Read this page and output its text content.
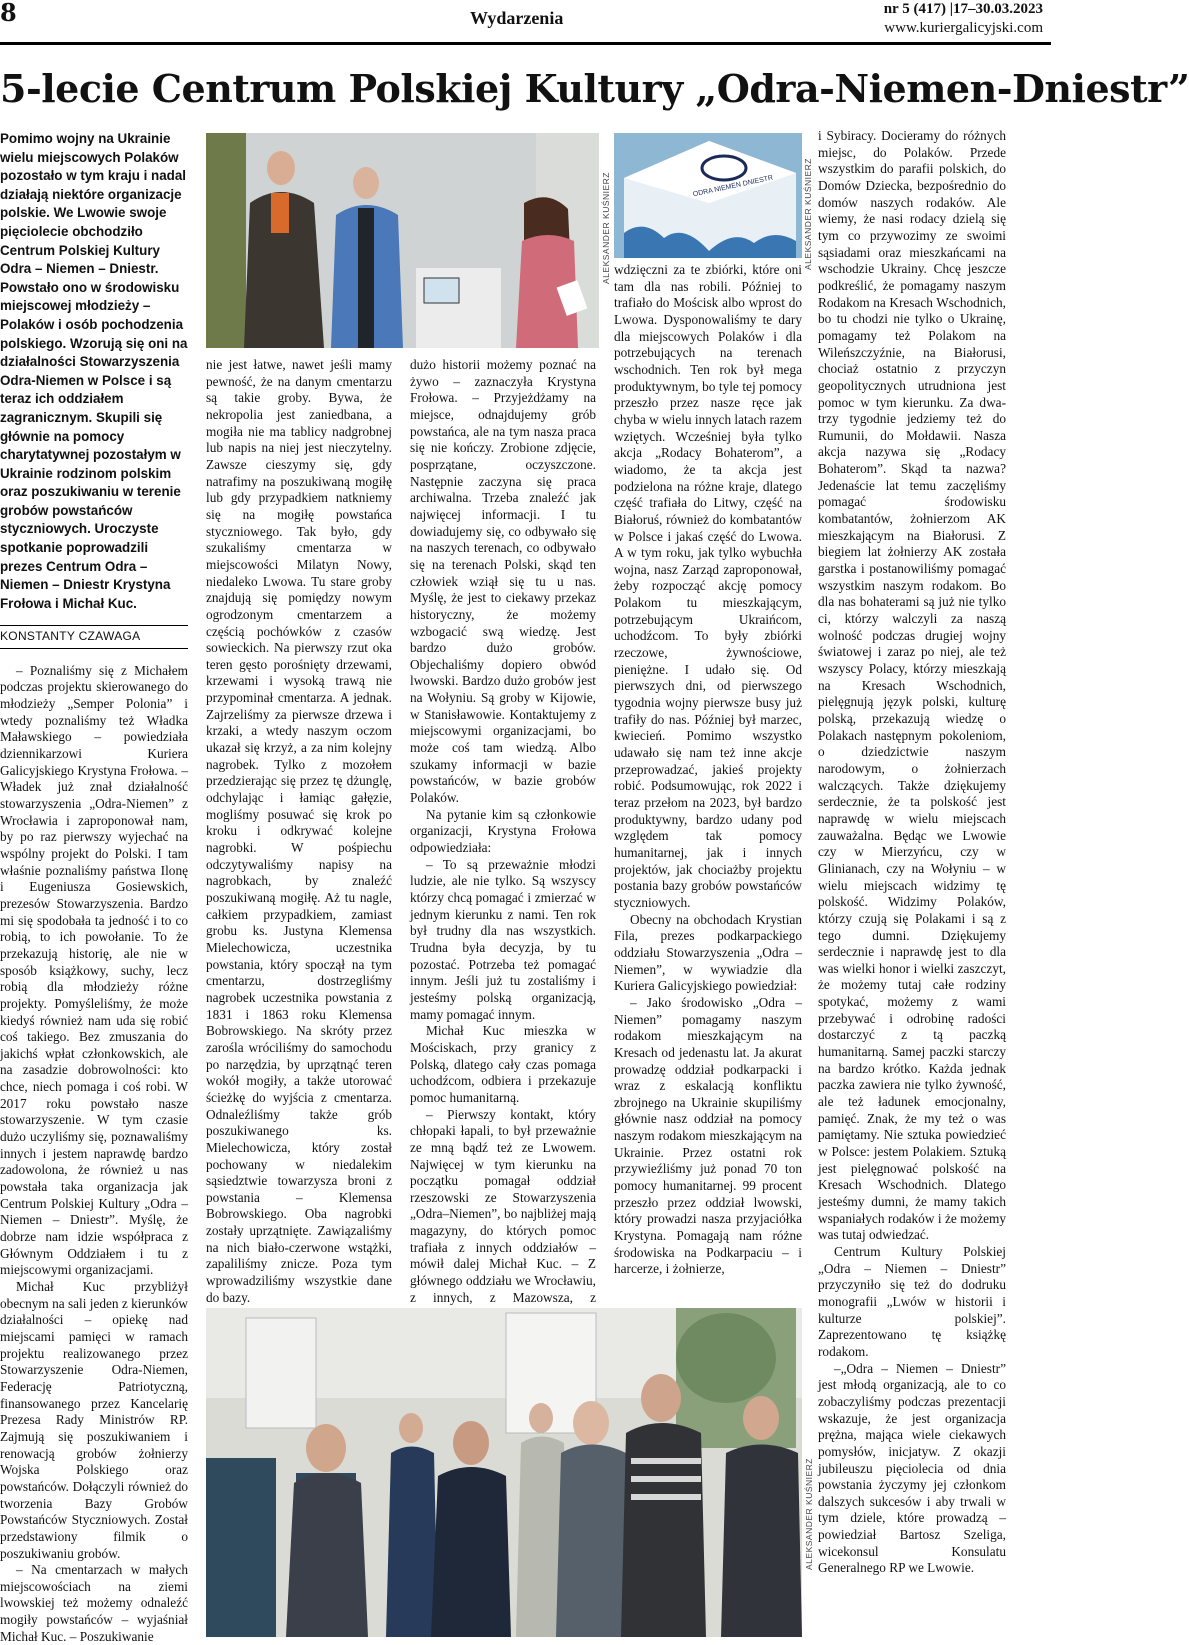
8	Wydarzenia	nr 5 (417) |17–30.03.2023
www.kuriergalicyjski.com
5-lecie Centrum Polskiej Kultury „Odra-Niemen-Dniestr”
Pomimo wojny na Ukrainie wielu miejscowych Polaków pozostało w tym kraju i nadal działają niektóre organizacje polskie. We Lwowie swoje pięciolecie obchodziło Centrum Polskiej Kultury Odra – Niemen – Dniestr. Powstało ono w środowisku miejscowej młodzieży – Polaków i osób pochodzenia polskiego. Wzorują się oni na działalności Stowarzyszenia Odra-Niemen w Polsce i są teraz ich oddziałem zagranicznym. Skupili się głównie na pomocy charytatywnej pozostałym w Ukrainie rodzinom polskim oraz poszukiwaniu w terenie grobów powstańców styczniowych. Uroczyste spotkanie poprowadzili prezes Centrum Odra – Niemen – Dniestr Krystyna Frołowa i Michał Kuc.
KONSTANTY CZAWAGA

– Poznaliśmy się z Michałem podczas projektu skierowanego do młodzieży „Semper Polonia” i wtedy poznaliśmy też Władka Maławskiego – powiedziała dziennikarzowi Kuriera Galicyjskiego Krystyna Frołowa. – Władek już znał działalność stowarzyszenia „Odra-Niemen” z Wrocławia i zaproponował nam, by po raz pierwszy wyjechać na wspólny projekt do Polski. I tam właśnie poznaliśmy państwa Ilonę i Eugeniusza Gosiewskich, prezesów Stowarzyszenia. Bardzo mi się spodobała ta jedność i to co robią, to ich powołanie. To że przekazują historię, ale nie w sposób książkowy, suchy, lecz robią dla młodzieży różne projekty. Pomyśleliśmy, że może kiedyś również nam uda się robić coś takiego. Bez zmuszania do jakichś wpłat członkowskich, ale na zasadzie dobrowolności: kto chce, niech pomaga i coś robi. W 2017 roku powstało nasze stowarzyszenie. W tym czasie dużo uczyliśmy się, poznawaliśmy innych i jestem naprawdę bardzo zadowolona, że również u nas powstała taka organizacja jak Centrum Polskiej Kultury „Odra – Niemen – Dniestr”. Myślę, że dobrze nam idzie współpraca z Głównym Oddziałem i tu z miejscowymi organizacjami.

Michał Kuc przybliżył obecnym na sali jeden z kierunków działalności – opiekę nad miejscami pamięci w ramach projektu realizowanego przez Stowarzyszenie Odra-Niemen, Federację Patriotyczną, finansowanego przez Kancelarię Prezesa Rady Ministrów RP. Zajmują się poszukiwaniem i renowacją grobów żołnierzy Wojska Polskiego oraz powstańców. Dołączyli również do tworzenia Bazy Grobów Powstańców Styczniowych. Został przedstawiony filmik o poszukiwaniu grobów.

– Na cmentarzach w małych miejscowościach na ziemi lwowskiej też możemy odnaleźć mogiły powstańców – wyjaśniał Michał Kuc. – Poszukiwanie

ALEKSANDER KUŚNIERZ	ODRA NIEMEN DNIESTR	ALEKSANDER KUŚNIERZ

nie jest łatwe, nawet jeśli mamy pewność, że na danym cmentarzu są takie groby. Bywa, że nekropolia jest zaniedbana, a mogiła nie ma tablicy nadgrobnej lub napis na niej jest nieczytelny. Zawsze cieszymy się, gdy natrafimy na poszukiwaną mogiłę lub gdy przypadkiem natkniemy się na mogiłę powstańca styczniowego. Tak było, gdy szukaliśmy cmentarza w miejscowości Milatyn Nowy, niedaleko Lwowa. Tu stare groby znajdują się pomiędzy nowym ogrodzonym cmentarzem a częścią pochówków z czasów sowieckich. Na pierwszy rzut oka teren gęsto porośnięty drzewami, krzewami i wysoką trawą nie przypominał cmentarza. A jednak. Zajrzeliśmy za pierwsze drzewa i krzaki, a wtedy naszym oczom ukazał się krzyż, a za nim kolejny nagrobek. Tylko z mozołem przedzierając się przez tę dżunglę, odchylając i łamiąc gałęzie, mogliśmy posuwać się krok po kroku i odkrywać kolejne nagrobki. W pośpiechu odczytywaliśmy napisy na nagrobkach, by znaleźć poszukiwaną mogiłę. Aż tu nagle, całkiem przypadkiem, zamiast grobu ks. Justyna Klemensa Mielechowicza, uczestnika powstania, który spoczął na tym cmentarzu, dostrzegliśmy nagrobek uczestnika powstania z 1831 i 1863 roku Klemensa Bobrowskiego. Na skróty przez zarośla wróciliśmy do samochodu po narzędzia, by uprzątnąć teren wokół mogiły, a także utorować ścieżkę do wyjścia z cmentarza. Odnaleźliśmy także grób poszukiwanego ks. Mielechowicza, który został pochowany w niedalekim sąsiedztwie towarzysza broni z powstania – Klemensa Bobrowskiego. Oba nagrobki zostały uprzątnięte. Zawiązaliśmy na nich biało-czerwone wstążki, zapaliliśmy znicze. Poza tym wprowadziliśmy wszystkie dane do bazy.

dużo historii możemy poznać na żywo – zaznaczyła Krystyna Frołowa. – Przyjeżdżamy na miejsce, odnajdujemy grób powstańca, ale na tym nasza praca się nie kończy. Zrobione zdjęcie, posprzątane, oczyszczone. Następnie zaczyna się praca archiwalna. Trzeba znaleźć jak najwięcej informacji. I tu dowiadujemy się, co odbywało się na naszych terenach, co odbywało się na terenach Polski, skąd ten człowiek wziął się tu u nas. Myślę, że jest to ciekawy przekaz historyczny, że możemy wzbogacić swą wiedzę. Jest bardzo dużo grobów. Objechaliśmy dopiero obwód lwowski. Bardzo dużo grobów jest na Wołyniu. Są groby w Kijowie, w Stanisławowie. Kontaktujemy z miejscowymi organizacjami, bo może coś tam wiedzą. Albo szukamy informacji w bazie powstańców, w bazie grobów Polaków.

Na pytanie kim są członkowie organizacji, Krystyna Frołowa odpowiedziała:

– To są przeważnie młodzi ludzie, ale nie tylko. Są wszyscy którzy chcą pomagać i zmierzać w jednym kierunku z nami. Ten rok był trudny dla nas wszystkich. Trudna była decyzja, by tu pozostać. Potrzeba też pomagać innym. Jeśli już tu zostaliśmy i jesteśmy polską organizacją, mamy pomagać innym.

Michał Kuc mieszka w Mościskach, przy granicy z Polską, dlatego cały czas pomaga uchodźcom, odbiera i przekazuje pomoc humanitarną.

– Pierwszy kontakt, który chłopaki łapali, to był przeważnie ze mną bądź też ze Lwowem. Najwięcej w tym kierunku na początku pomagał oddział rzeszowski ze Stowarzyszenia „Odra–Niemen”, bo najbliżej mają magazyny, do których pomoc trafiała z innych oddziałów – mówił dalej Michał Kuc. – Z głównego oddziału we Wrocławiu, z innych, z Mazowsza, z

wdzięczni za te zbiórki, które oni tam dla nas robili. Później to trafiało do Mościsk albo wprost do Lwowa. Dysponowaliśmy te dary dla miejscowych Polaków i dla potrzebujących na terenach wschodnich. Ten rok był mega produktywnym, bo tyle tej pomocy przeszło przez nasze ręce jak chyba w wielu innych latach razem wziętych. Wcześniej była tylko akcja „Rodacy Bohaterom”, a wiadomo, że ta akcja jest podzielona na różne kraje, dlatego część trafiała do Litwy, część na Białoruś, również do kombatantów w Polsce i jakaś część do Lwowa. A w tym roku, jak tylko wybuchła wojna, nasz Zarząd zaproponował, żeby rozpocząć akcję pomocy Polakom tu mieszkającym, potrzebującym Ukraińcom, uchodźcom. To były zbiórki rzeczowe, żywnościowe, pieniężne. I udało się. Od pierwszych dni, od pierwszego tygodnia wojny pierwsze busy już trafiły do nas. Później był marzec, kwiecień. Pomimo wszystko udawało się nam też inne akcje przeprowadzać, jakieś projekty robić. Podsumowując, rok 2022 i teraz przełom na 2023, był bardzo produktywny, bardzo udany pod względem tak pomocy humanitarnej, jak i innych projektów, jak chociażby projektu postania bazy grobów powstańców styczniowych.

Obecny na obchodach Krystian Fila, prezes podkarpackiego oddziału Stowarzyszenia „Odra – Niemen”, w wywiadzie dla Kuriera Galicyjskiego powiedział:

– Jako środowisko „Odra – Niemen” pomagamy naszym rodakom mieszkającym na Kresach od jedenastu lat. Ja akurat prowadzę oddział podkarpacki i wraz z eskalacją konfliktu zbrojnego na Ukrainie skupiliśmy głównie nasz oddział na pomocy naszym rodakom mieszkającym na Ukrainie. Przez ostatni rok przywieźliśmy już ponad 70 ton pomocy humanitarnej. 99 procent przeszło przez oddział lwowski, który prowadzi nasza przyjaciółka Krystyna. Pomagają nam różne środowiska na Podkarpaciu – i harcerze, i żołnierze,

i Sybiracy. Docieramy do różnych miejsc, do Polaków. Przede wszystkim do parafii polskich, do Domów Dziecka, bezpośrednio do domów naszych rodaków. Ale wiemy, że nasi rodacy dzielą się tym co przywozimy ze swoimi sąsiadami oraz mieszkańcami na wschodzie Ukrainy. Chcę jeszcze podkreślić, że pomagamy naszym Rodakom na Kresach Wschodnich, bo tu chodzi nie tylko o Ukrainę, pomagamy też Polakom na Wileńszczyźnie, na Białorusi, chociaż ostatnio z przyczyn geopolitycznych utrudniona jest pomoc w tym kierunku. Za dwa-trzy tygodnie jedziemy też do Rumunii, do Mołdawii. Nasza akcja nazywa się „Rodacy Bohaterom”. Skąd ta nazwa? Jedenaście lat temu zaczęliśmy pomagać środowisku kombatantów, żołnierzom AK mieszkającym na Białorusi. Z biegiem lat żołnierzy AK została garstka i postanowiliśmy pomagać wszystkim naszym rodakom. Bo dla nas bohaterami są już nie tylko ci, którzy walczyli za naszą wolność podczas drugiej wojny światowej i zaraz po niej, ale też wszyscy Polacy, którzy mieszkają na Kresach Wschodnich, pielęgnują język polski, kulturę polską, przekazują wiedzę o Polakach następnym pokoleniom, o dziedzictwie naszym narodowym, o żołnierzach walczących. Także dziękujemy serdecznie, że ta polskość jest naprawdę w wielu miejscach zauważalna. Będąc we Lwowie czy w Mierzyńcu, czy w Glinianach, czy na Wołyniu – w wielu miejscach widzimy tę polskość. Widzimy Polaków, którzy czują się Polakami i są z tego dumni. Dziękujemy serdecznie i naprawdę jest to dla was wielki honor i wielki zaszczyt, że możemy tutaj całe rodziny spotykać, możemy z wami przebywać i odrobinę radości dostarczyć z tą paczką humanitarną. Samej paczki starczy na bardzo krótko. Każda jednak paczka zawiera nie tylko żywność, ale też ładunek emocjonalny, pamięć. Znak, że my też o was pamiętamy. Nie sztuka powiedzieć w Polsce: jestem Polakiem. Sztuką jest pielęgnować polskość na Kresach Wschodnich. Dlatego jesteśmy dumni, że mamy takich wspaniałych rodaków i że możemy was tutaj odwiedzać.

Centrum Kultury Polskiej „Odra – Niemen – Dniestr” przyczyniło się też do dodruku monografii „Lwów w historii i kulturze polskiej”. Zaprezentowano tę książkę rodakom.

–„Odra – Niemen – Dniestr” jest młodą organizacją, ale to co zobaczyliśmy podczas prezentacji wskazuje, że jest organizacja prężna, mająca wiele ciekawych pomysłów, inicjatyw. Z okazji jubileuszu pięciolecia od dnia powstania życzymy jej członkom dalszych sukcesów i aby trwali w tym dziele, które prowadzą – powiedział Bartosz Szeliga, wicekonsul Konsulatu Generalnego RP we Lwowie.

ALEKSANDER KUŚNIERZ
